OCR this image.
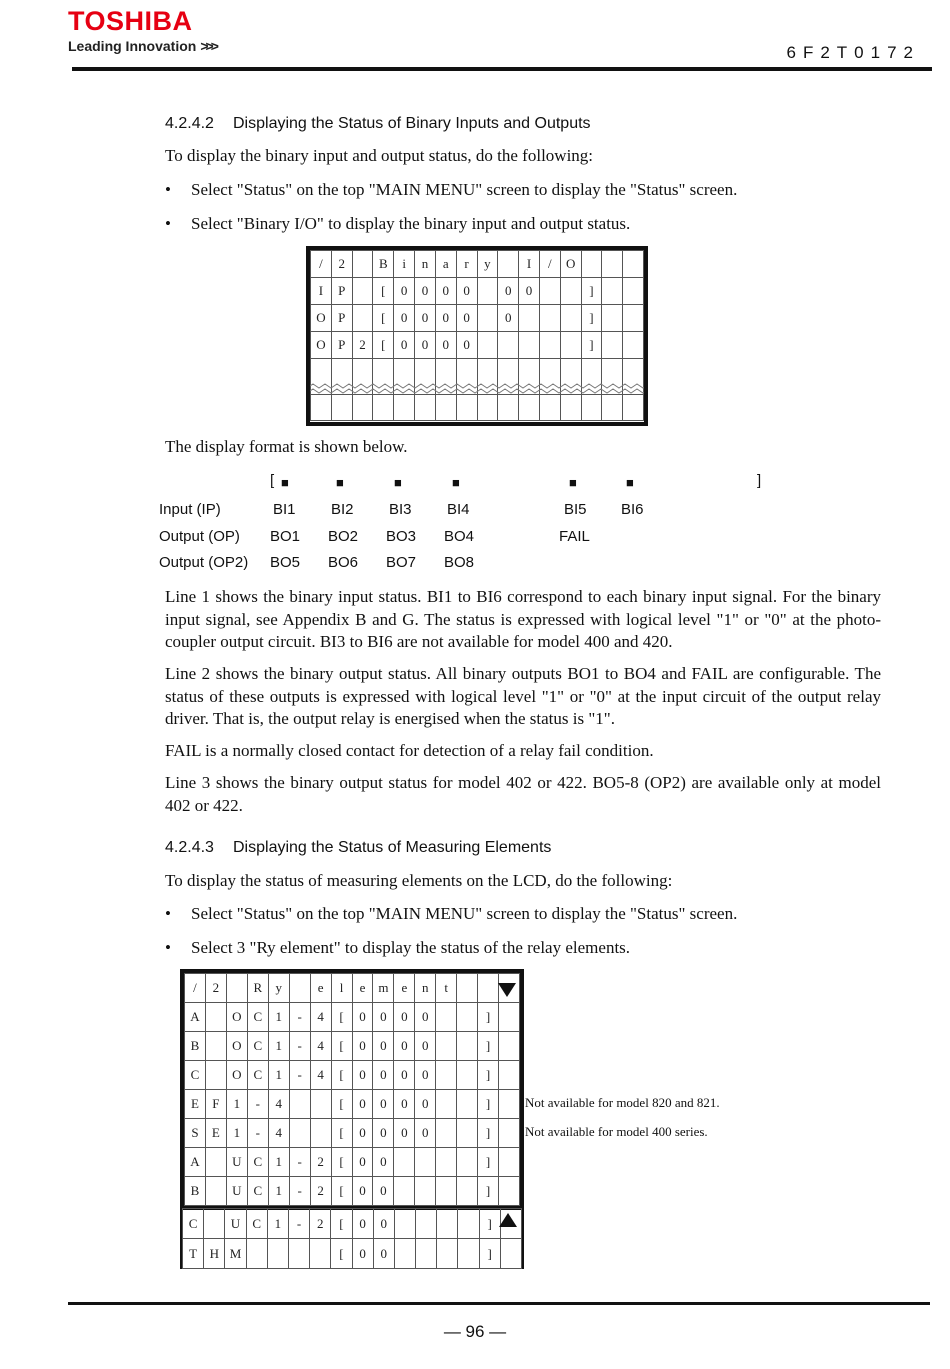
TOSHIBA
Leading Innovation >>>	6F2T0172
4.2.4.2 Displaying the Status of Binary Inputs and Outputs
To display the binary input and output status, do the following:
• Select "Status" on the top "MAIN MENU" screen to display the "Status" screen.
• Select "Binary I/O" to display the binary input and output status.
/	2		B	i	n	a	r	y		I	/	O			
I	P		[	0	0	0	0		0	0			]		
O	P		[	0	0	0	0		0				]		
O	P	2	[	0	0	0	0						]		

The display format is shown below.
[	]
■	■	■	■	■	■
Input (IP)	BI1 BI2 BI3 BI4	BI5 BI6
Output (OP) BO1 BO2 BO3 BO4	FAIL
Output (OP2) BO5 BO6 BO7 BO8
Line 1 shows the binary input status. BI1 to BI6 correspond to each binary input signal. For the binary input signal, see Appendix B and G. The status is expressed with logical level "1" or "0" at the photo-coupler output circuit. BI3 to BI6 are not available for model 400 and 420.
Line 2 shows the binary output status. All binary outputs BO1 to BO4 and FAIL are configurable. The status of these outputs is expressed with logical level "1" or "0" at the input circuit of the output relay driver. That is, the output relay is energised when the status is "1".
FAIL is a normally closed contact for detection of a relay fail condition.
Line 3 shows the binary output status for model 402 or 422. BO5-8 (OP2) are available only at model 402 or 422.
4.2.4.3 Displaying the Status of Measuring Elements
To display the status of measuring elements on the LCD, do the following:
• Select "Status" on the top "MAIN MENU" screen to display the "Status" screen.
• Select 3 "Ry element" to display the status of the relay elements.
/	2		R	y		e	l	e	m	e	n	t			
A		O	C	1	-	4	[	0	0	0	0			]	
B		O	C	1	-	4	[	0	0	0	0			]	
C		O	C	1	-	4	[	0	0	0	0			]	
E	F	1	-	4			[	0	0	0	0			]	
S	E	1	-	4			[	0	0	0	0			]	
A		U	C	1	-	2	[	0	0					]	
B		U	C	1	-	2	[	0	0					]	
C		U	C	1	-	2	[	0	0					]	
T	H	M					[	0	0					]	
Not available for model 820 and 821.
Not available for model 400 series.
— 96 —
